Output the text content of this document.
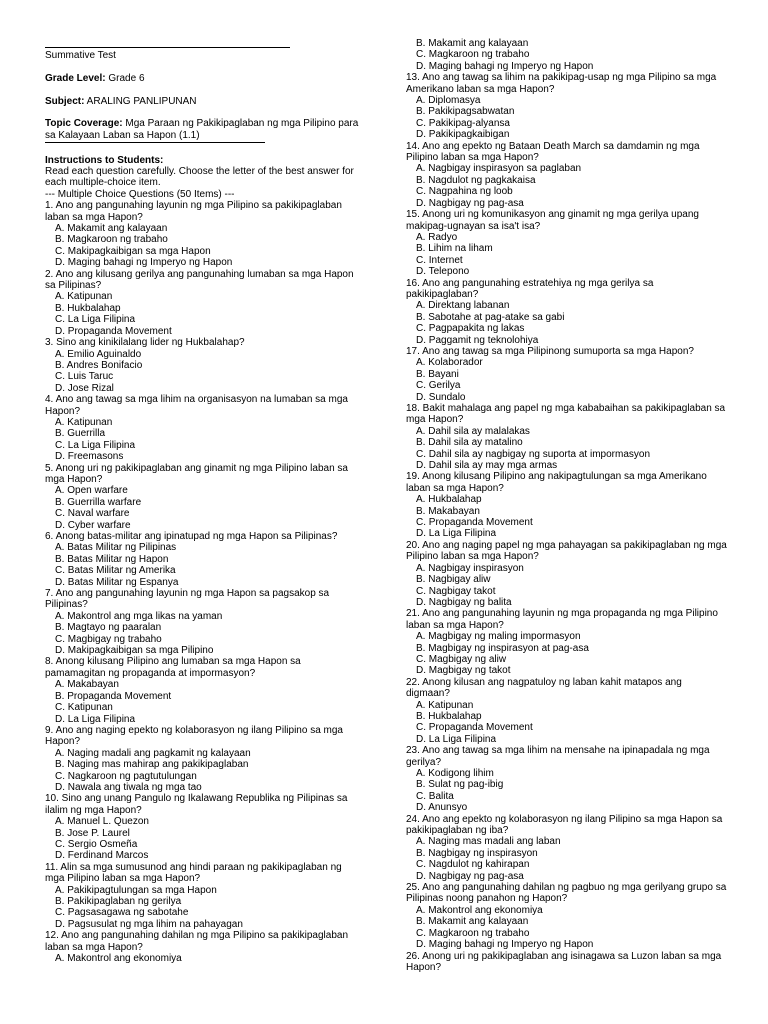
Summative Test

Grade Level: Grade 6

Subject: ARALING PANLIPUNAN

Topic Coverage: Mga Paraan ng Pakikipaglaban ng mga Pilipino para sa Kalayaan Laban sa Hapon (1.1)

Instructions to Students:

Read each question carefully. Choose the letter of the best answer for each multiple-choice item.

--- Multiple Choice Questions (50 Items) ---

1. Ano ang pangunahing layunin ng mga Pilipino sa pakikipaglaban laban sa mga Hapon?

A. Makamit ang kalayaan

B. Magkaroon ng trabaho

C. Makipagkaibigan sa mga Hapon

D. Maging bahagi ng Imperyo ng Hapon

2. Ano ang kilusang gerilya ang pangunahing lumaban sa mga Hapon sa Pilipinas?

A. Katipunan

B. Hukbalahap

C. La Liga Filipina

D. Propaganda Movement

3. Sino ang kinikilalang lider ng Hukbalahap?

A. Emilio Aguinaldo

B. Andres Bonifacio

C. Luis Taruc

D. Jose Rizal

4. Ano ang tawag sa mga lihim na organisasyon na lumaban sa mga Hapon?

A. Katipunan

B. Guerrilla

C. La Liga Filipina

D. Freemasons

5. Anong uri ng pakikipaglaban ang ginamit ng mga Pilipino laban sa mga Hapon?

A. Open warfare

B. Guerrilla warfare

C. Naval warfare

D. Cyber warfare

6. Anong batas-militar ang ipinatupad ng mga Hapon sa Pilipinas?

A. Batas Militar ng Pilipinas

B. Batas Militar ng Hapon

C. Batas Militar ng Amerika

D. Batas Militar ng Espanya

7. Ano ang pangunahing layunin ng mga Hapon sa pagsakop sa Pilipinas?

A. Makontrol ang mga likas na yaman

B. Magtayo ng paaralan

C. Magbigay ng trabaho

D. Makipagkaibigan sa mga Pilipino

8. Anong kilusang Pilipino ang lumaban sa mga Hapon sa pamamagitan ng propaganda at impormasyon?

A. Makabayan

B. Propaganda Movement

C. Katipunan

D. La Liga Filipina

9. Ano ang naging epekto ng kolaborasyon ng ilang Pilipino sa mga Hapon?

A. Naging madali ang pagkamit ng kalayaan

B. Naging mas mahirap ang pakikipaglaban

C. Nagkaroon ng pagtutulungan

D. Nawala ang tiwala ng mga tao

10. Sino ang unang Pangulo ng Ikalawang Republika ng Pilipinas sa ilalim ng mga Hapon?

A. Manuel L. Quezon

B. Jose P. Laurel

C. Sergio Osmeña

D. Ferdinand Marcos

11. Alin sa mga sumusunod ang hindi paraan ng pakikipaglaban ng mga Pilipino laban sa mga Hapon?

A. Pakikipagtulungan sa mga Hapon

B. Pakikipaglaban ng gerilya

C. Pagsasagawa ng sabotahe

D. Pagsusulat ng mga lihim na pahayagan

12. Ano ang pangunahing dahilan ng mga Pilipino sa pakikipaglaban laban sa mga Hapon?

A. Makontrol ang ekonomiya

B. Makamit ang kalayaan

C. Magkaroon ng trabaho

D. Maging bahagi ng Imperyo ng Hapon

13. Ano ang tawag sa lihim na pakikipag-usap ng mga Pilipino sa mga Amerikano laban sa mga Hapon?

A. Diplomasya

B. Pakikipagsabwatan

C. Pakikipag-alyansa

D. Pakikipagkaibigan

14. Ano ang epekto ng Bataan Death March sa damdamin ng mga Pilipino laban sa mga Hapon?

A. Nagbigay inspirasyon sa paglaban

B. Nagdulot ng pagkakaisa

C. Nagpahina ng loob

D. Nagbigay ng pag-asa

15. Anong uri ng komunikasyon ang ginamit ng mga gerilya upang makipag-ugnayan sa isa't isa?

A. Radyo

B. Lihim na liham

C. Internet

D. Telepono

16. Ano ang pangunahing estratehiya ng mga gerilya sa pakikipaglaban?

A. Direktang labanan

B. Sabotahe at pag-atake sa gabi

C. Pagpapakita ng lakas

D. Paggamit ng teknolohiya

17. Ano ang tawag sa mga Pilipinong sumuporta sa mga Hapon?

A. Kolaborador

B. Bayani

C. Gerilya

D. Sundalo

18. Bakit mahalaga ang papel ng mga kababaihan sa pakikipaglaban sa mga Hapon?

A. Dahil sila ay malalakas

B. Dahil sila ay matalino

C. Dahil sila ay nagbigay ng suporta at impormasyon

D. Dahil sila ay may mga armas

19. Anong kilusang Pilipino ang nakipagtulungan sa mga Amerikano laban sa mga Hapon?

A. Hukbalahap

B. Makabayan

C. Propaganda Movement

D. La Liga Filipina

20. Ano ang naging papel ng mga pahayagan sa pakikipaglaban ng mga Pilipino laban sa mga Hapon?

A. Nagbigay inspirasyon

B. Nagbigay aliw

C. Nagbigay takot

D. Nagbigay ng balita

21. Ano ang pangunahing layunin ng mga propaganda ng mga Pilipino laban sa mga Hapon?

A. Magbigay ng maling impormasyon

B. Magbigay ng inspirasyon at pag-asa

C. Magbigay ng aliw

D. Magbigay ng takot

22. Anong kilusan ang nagpatuloy ng laban kahit matapos ang digmaan?

A. Katipunan

B. Hukbalahap

C. Propaganda Movement

D. La Liga Filipina

23. Ano ang tawag sa mga lihim na mensahe na ipinapadala ng mga gerilya?

A. Kodigong lihim

B. Sulat ng pag-ibig

C. Balita

D. Anunsyo

24. Ano ang epekto ng kolaborasyon ng ilang Pilipino sa mga Hapon sa pakikipaglaban ng iba?

A. Naging mas madali ang laban

B. Nagbigay ng inspirasyon

C. Nagdulot ng kahirapan

D. Nagbigay ng pag-asa

25. Ano ang pangunahing dahilan ng pagbuo ng mga gerilyang grupo sa Pilipinas noong panahon ng Hapon?

A. Makontrol ang ekonomiya

B. Makamit ang kalayaan

C. Magkaroon ng trabaho

D. Maging bahagi ng Imperyo ng Hapon

26. Anong uri ng pakikipaglaban ang isinagawa sa Luzon laban sa mga Hapon?
